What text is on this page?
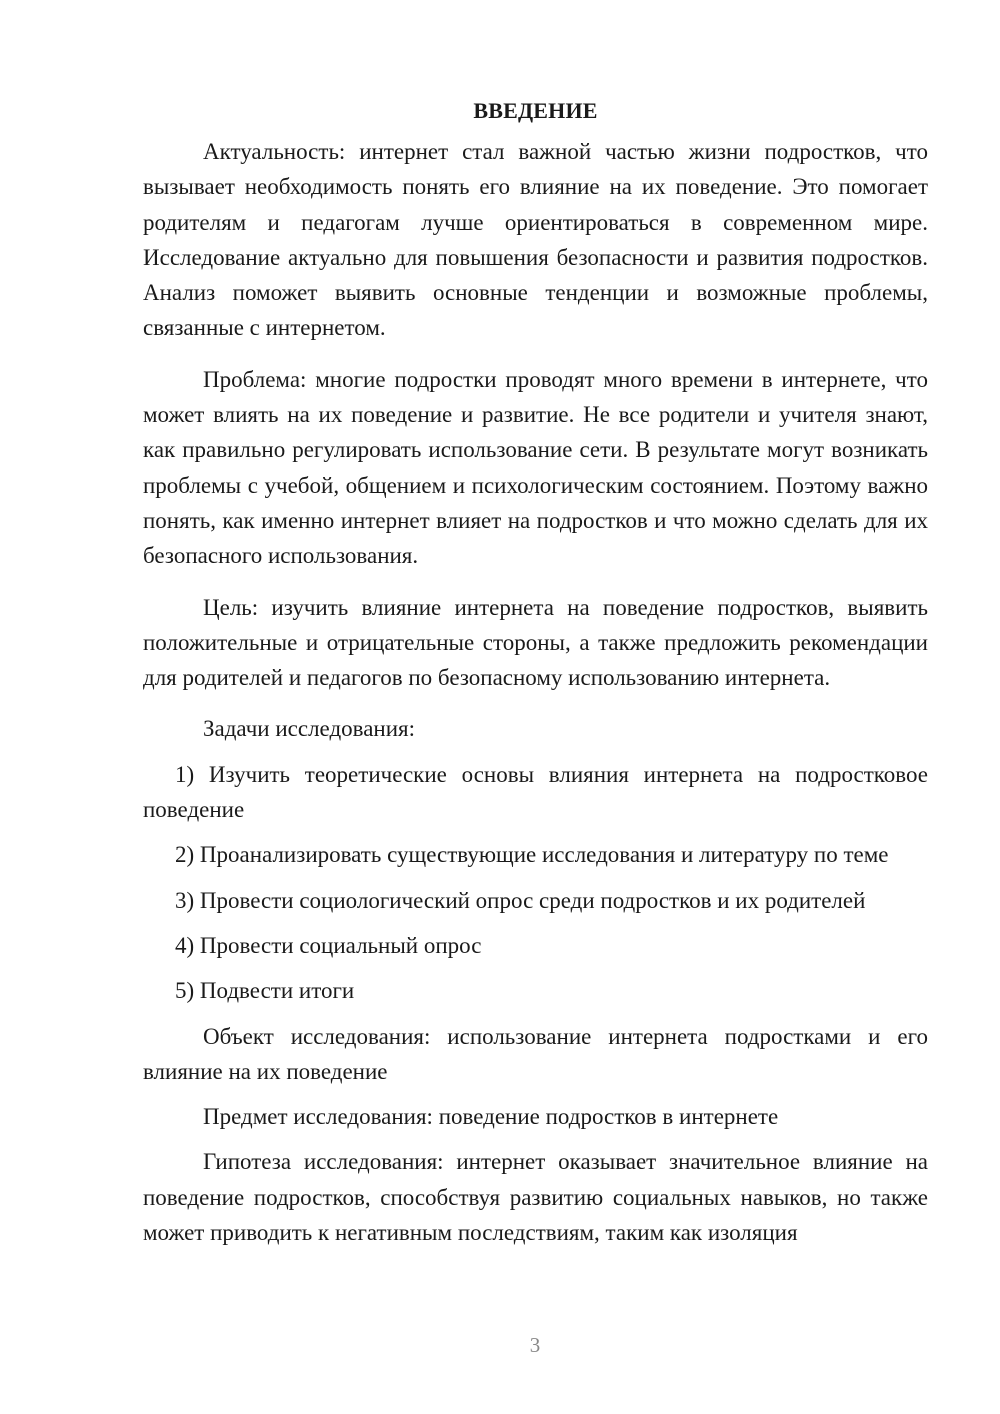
ВВЕДЕНИЕ

Актуальность: интернет стал важной частью жизни подростков, что вызывает необходимость понять его влияние на их поведение. Это помогает родителям и педагогам лучше ориентироваться в современном мире. Исследование актуально для повышения безопасности и развития подростков. Анализ поможет выявить основные тенденции и возможные проблемы, связанные с интернетом.

Проблема: многие подростки проводят много времени в интернете, что может влиять на их поведение и развитие. Не все родители и учителя знают, как правильно регулировать использование сети. В результате могут возникать проблемы с учебой, общением и психологическим состоянием. Поэтому важно понять, как именно интернет влияет на подростков и что можно сделать для их безопасного использования.

Цель: изучить влияние интернета на поведение подростков, выявить положительные и отрицательные стороны, а также предложить рекомендации для родителей и педагогов по безопасному использованию интернета.

Задачи исследования:

1) Изучить теоретические основы влияния интернета на подростковое поведение

2) Проанализировать существующие исследования и литературу по теме

3) Провести социологический опрос среди подростков и их родителей

4) Провести социальный опрос

5) Подвести итоги

Объект исследования: использование интернета подростками и его влияние на их поведение

Предмет исследования: поведение подростков в интернете

Гипотеза исследования: интернет оказывает значительное влияние на поведение подростков, способствуя развитию социальных навыков, но также может приводить к негативным последствиям, таким как изоляция

3
